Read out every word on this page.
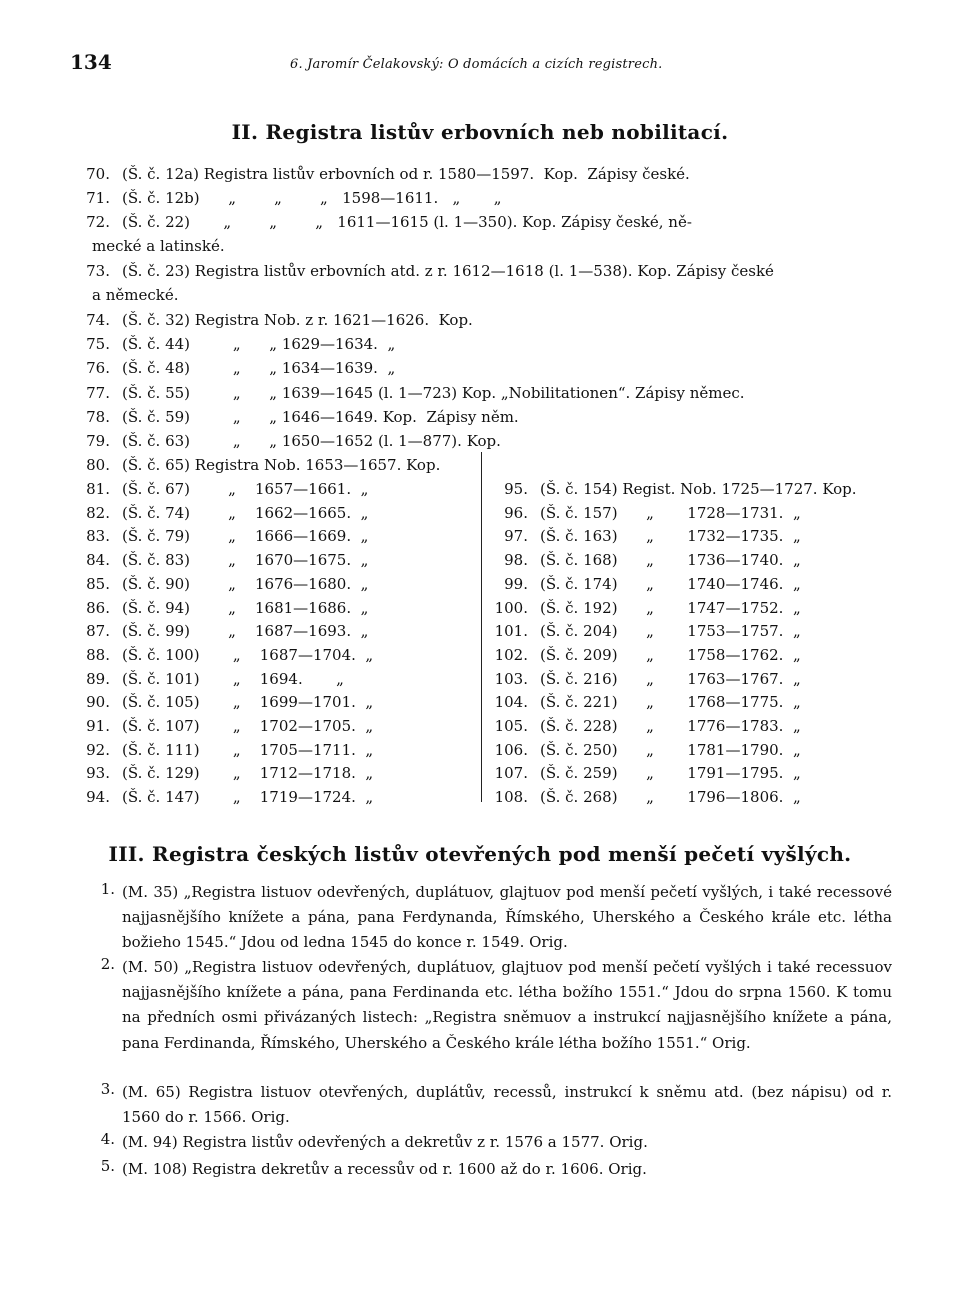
134	6. Jaromír Čelakovský: O domácích a cizích registrech.
II. Registra listův erbovních neb nobilitací.
70. (Š. č. 12a) Registra listův erbovních od r. 1580—1597.  Kop.  Zápisy české.
71. (Š. č. 12b)      „        „        „   1598—1611.   „       „
72. (Š. č. 22)       „        „        „   1611—1615 (l. 1—350). Kop. Zápisy české, ně-
mecké a latinské.
73. (Š. č. 23) Registra listův erbovních atd. z r. 1612—1618 (l. 1—538). Kop. Zápisy české
a německé.
74. (Š. č. 32) Registra Nob. z r. 1621—1626.  Kop.
75. (Š. č. 44)         „      „ 1629—1634.  „
76. (Š. č. 48)         „      „ 1634—1639.  „
77. (Š. č. 55)         „      „ 1639—1645 (l. 1—723) Kop. „Nobilitationen“. Zápisy němec.
78. (Š. č. 59)         „      „ 1646—1649. Kop.  Zápisy něm.
79. (Š. č. 63)         „      „ 1650—1652 (l. 1—877). Kop.
80. (Š. č. 65) Registra Nob. 1653—1657. Kop.
81. (Š. č. 67)        „    1657—1661.  „
82. (Š. č. 74)        „    1662—1665.  „
83. (Š. č. 79)        „    1666—1669.  „
84. (Š. č. 83)        „    1670—1675.  „
85. (Š. č. 90)        „    1676—1680.  „
86. (Š. č. 94)        „    1681—1686.  „
87. (Š. č. 99)        „    1687—1693.  „
88. (Š. č. 100)       „    1687—1704.  „
89. (Š. č. 101)       „    1694.       „
90. (Š. č. 105)       „    1699—1701.  „
91. (Š. č. 107)       „    1702—1705.  „
92. (Š. č. 111)       „    1705—1711.  „
93. (Š. č. 129)       „    1712—1718.  „
94. (Š. č. 147)       „    1719—1724.  „
95. (Š. č. 154) Regist. Nob. 1725—1727. Kop.
96. (Š. č. 157)      „       1728—1731.  „
97. (Š. č. 163)      „       1732—1735.  „
98. (Š. č. 168)      „       1736—1740.  „
99. (Š. č. 174)      „       1740—1746.  „
100. (Š. č. 192)      „       1747—1752.  „
101. (Š. č. 204)      „       1753—1757.  „
102. (Š. č. 209)      „       1758—1762.  „
103. (Š. č. 216)      „       1763—1767.  „
104. (Š. č. 221)      „       1768—1775.  „
105. (Š. č. 228)      „       1776—1783.  „
106. (Š. č. 250)      „       1781—1790.  „
107. (Š. č. 259)      „       1791—1795.  „
108. (Š. č. 268)      „       1796—1806.  „
III. Registra českých listův otevřených pod menší pečetí vyšlých.
1. (M. 35) „Registra listuov odevřených, duplátuov, glajtuov pod menší pečetí vyšlých, i také recessové najjasnějšího knížete a pána, pana Ferdynanda, Římského, Uherského a Českého krále etc. létha božieho 1545.“ Jdou od ledna 1545 do konce r. 1549. Orig.
2. (M. 50) „Registra listuov odevřených, duplátuov, glajtuov pod menší pečetí vyšlých i také recessuov najjasnějšího knížete a pána, pana Ferdinanda etc. létha božího 1551.“ Jdou do srpna 1560. K tomu na předních osmi přivázaných listech: „Registra sněmuov a instrukcí najjasnějšího knížete a pána, pana Ferdinanda, Římského, Uherského a Českého krále létha božího 1551.“ Orig.
3. (M. 65) Registra listuov otevřených, duplátův, recessů, instrukcí k sněmu atd. (bez nápisu) od r. 1560 do r. 1566. Orig.
4. (M. 94) Registra listův odevřených a dekretův z r. 1576 a 1577. Orig.
5. (M. 108) Registra dekretův a recessův od r. 1600 až do r. 1606. Orig.
